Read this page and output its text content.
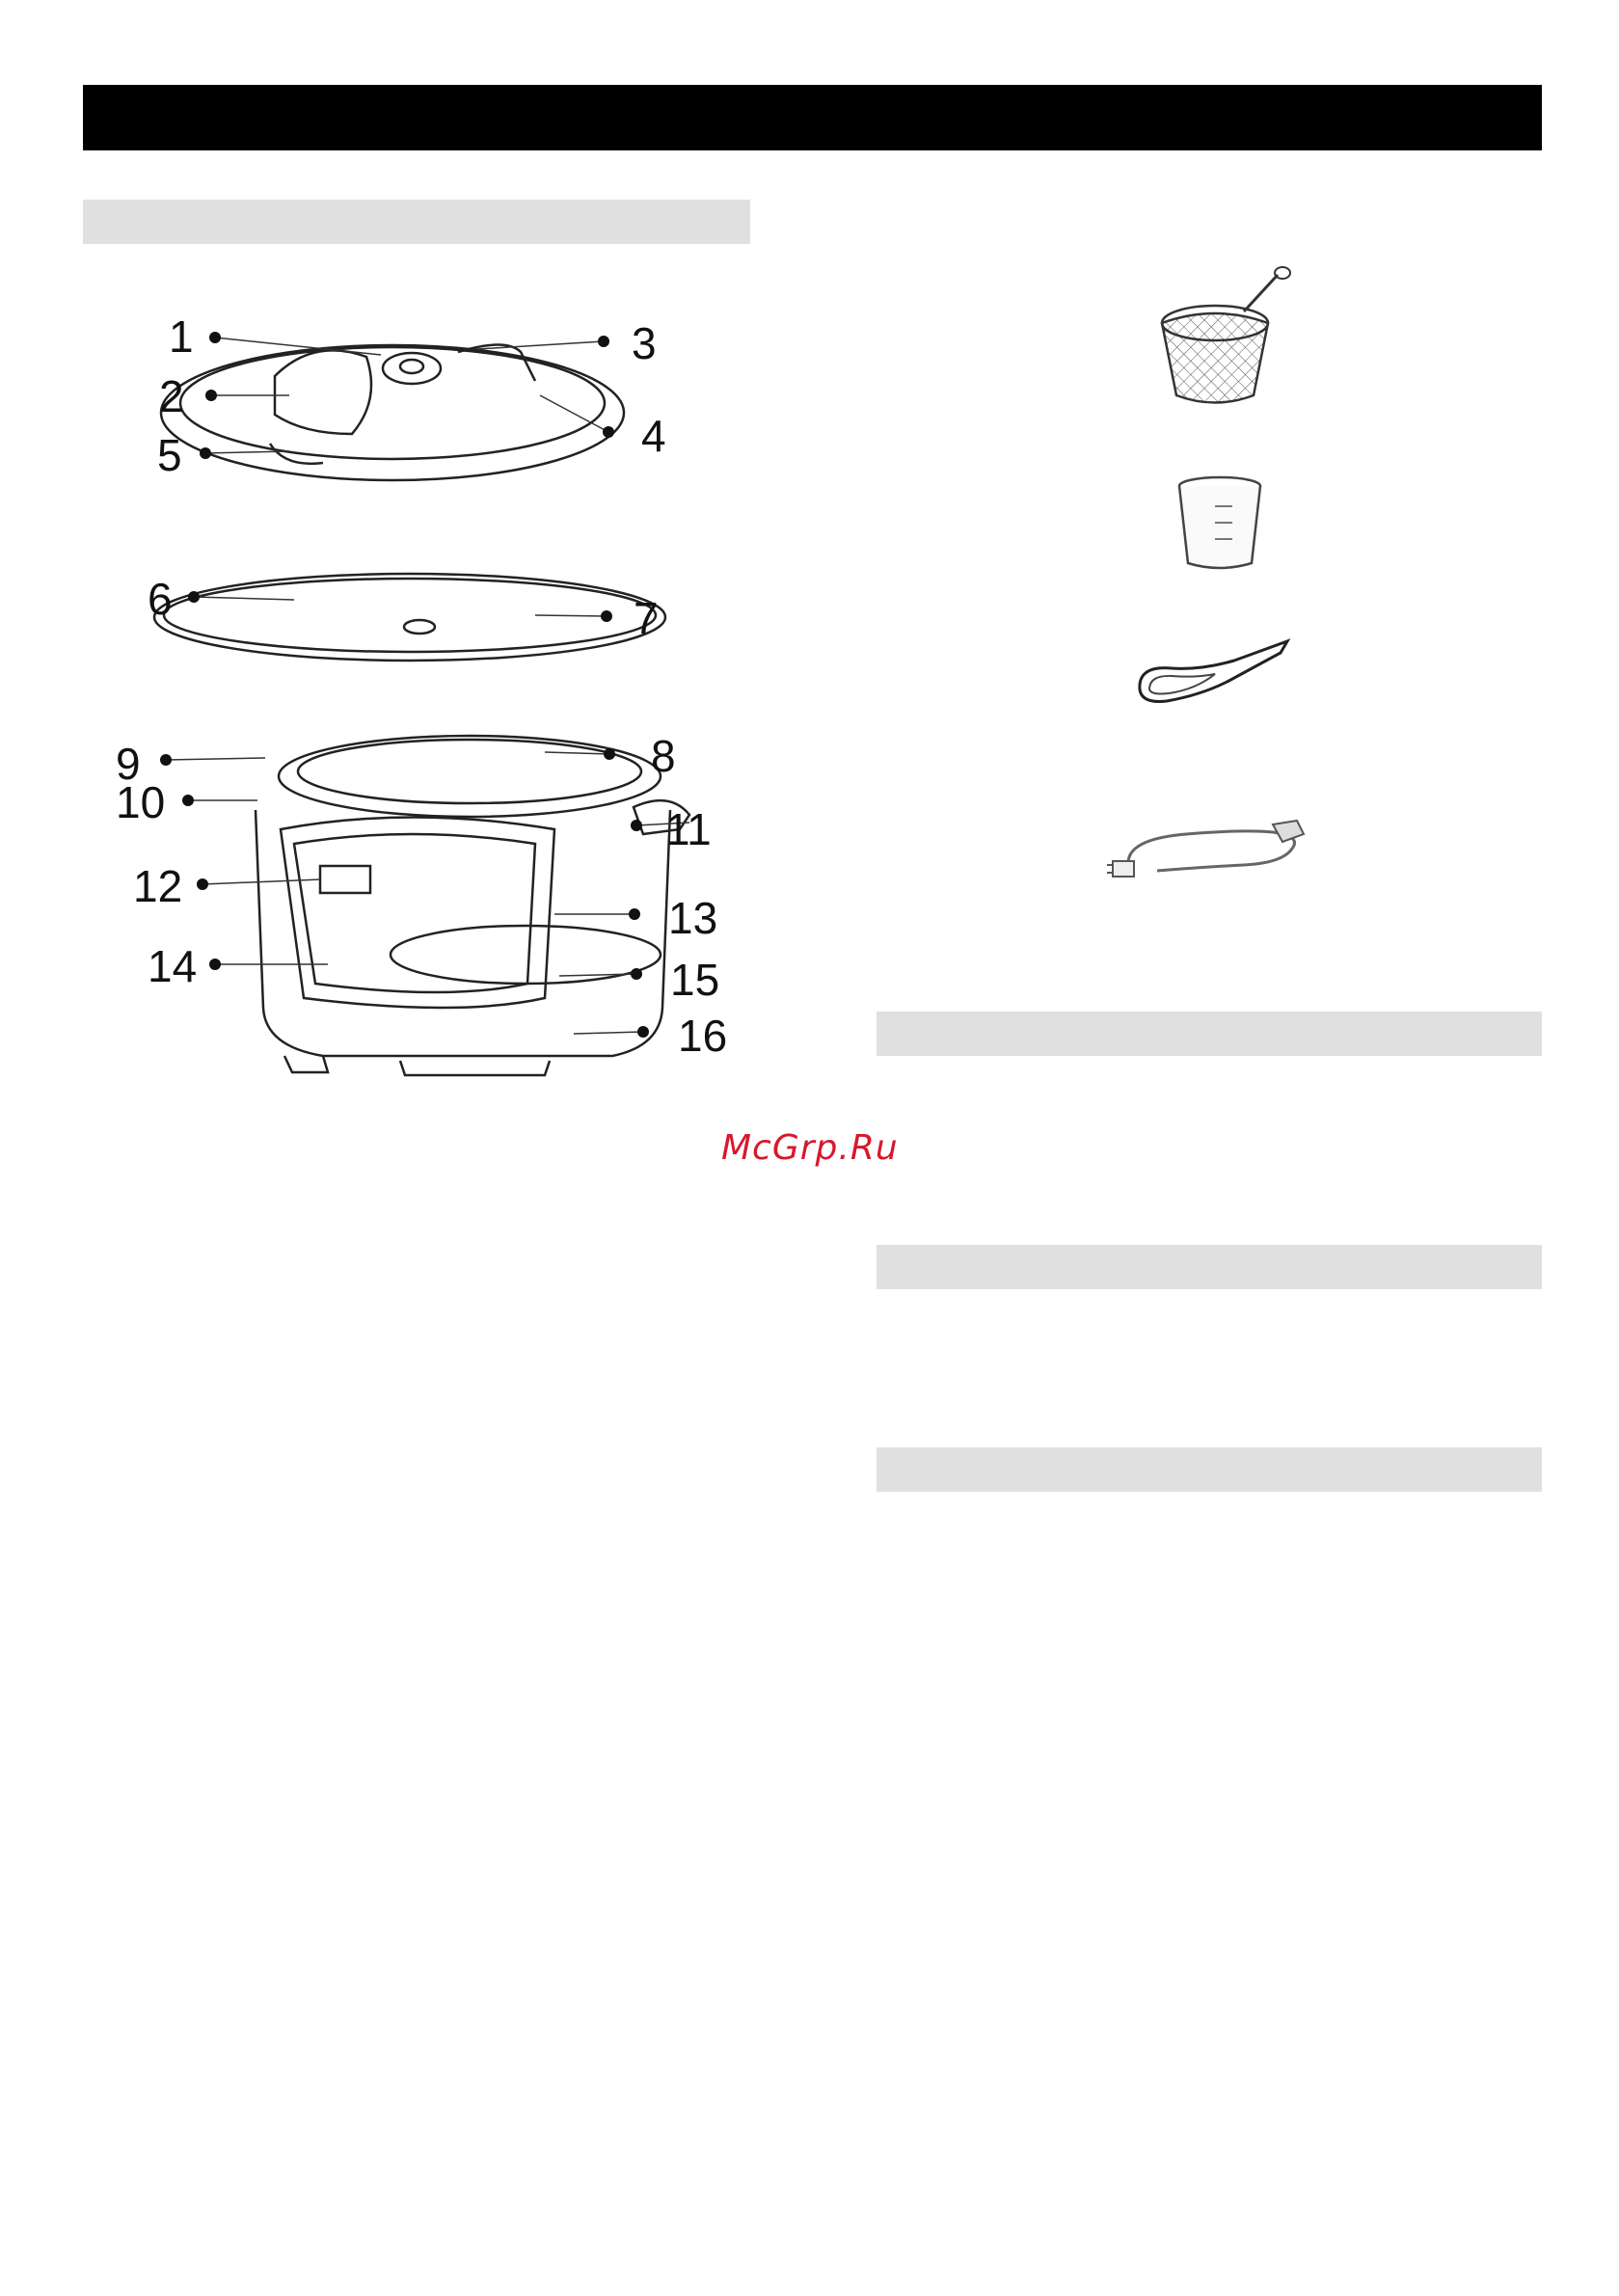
1
2
3
4
5
6	7
8
9
10
11
12
13
14	15
16
McGrp.Ru
